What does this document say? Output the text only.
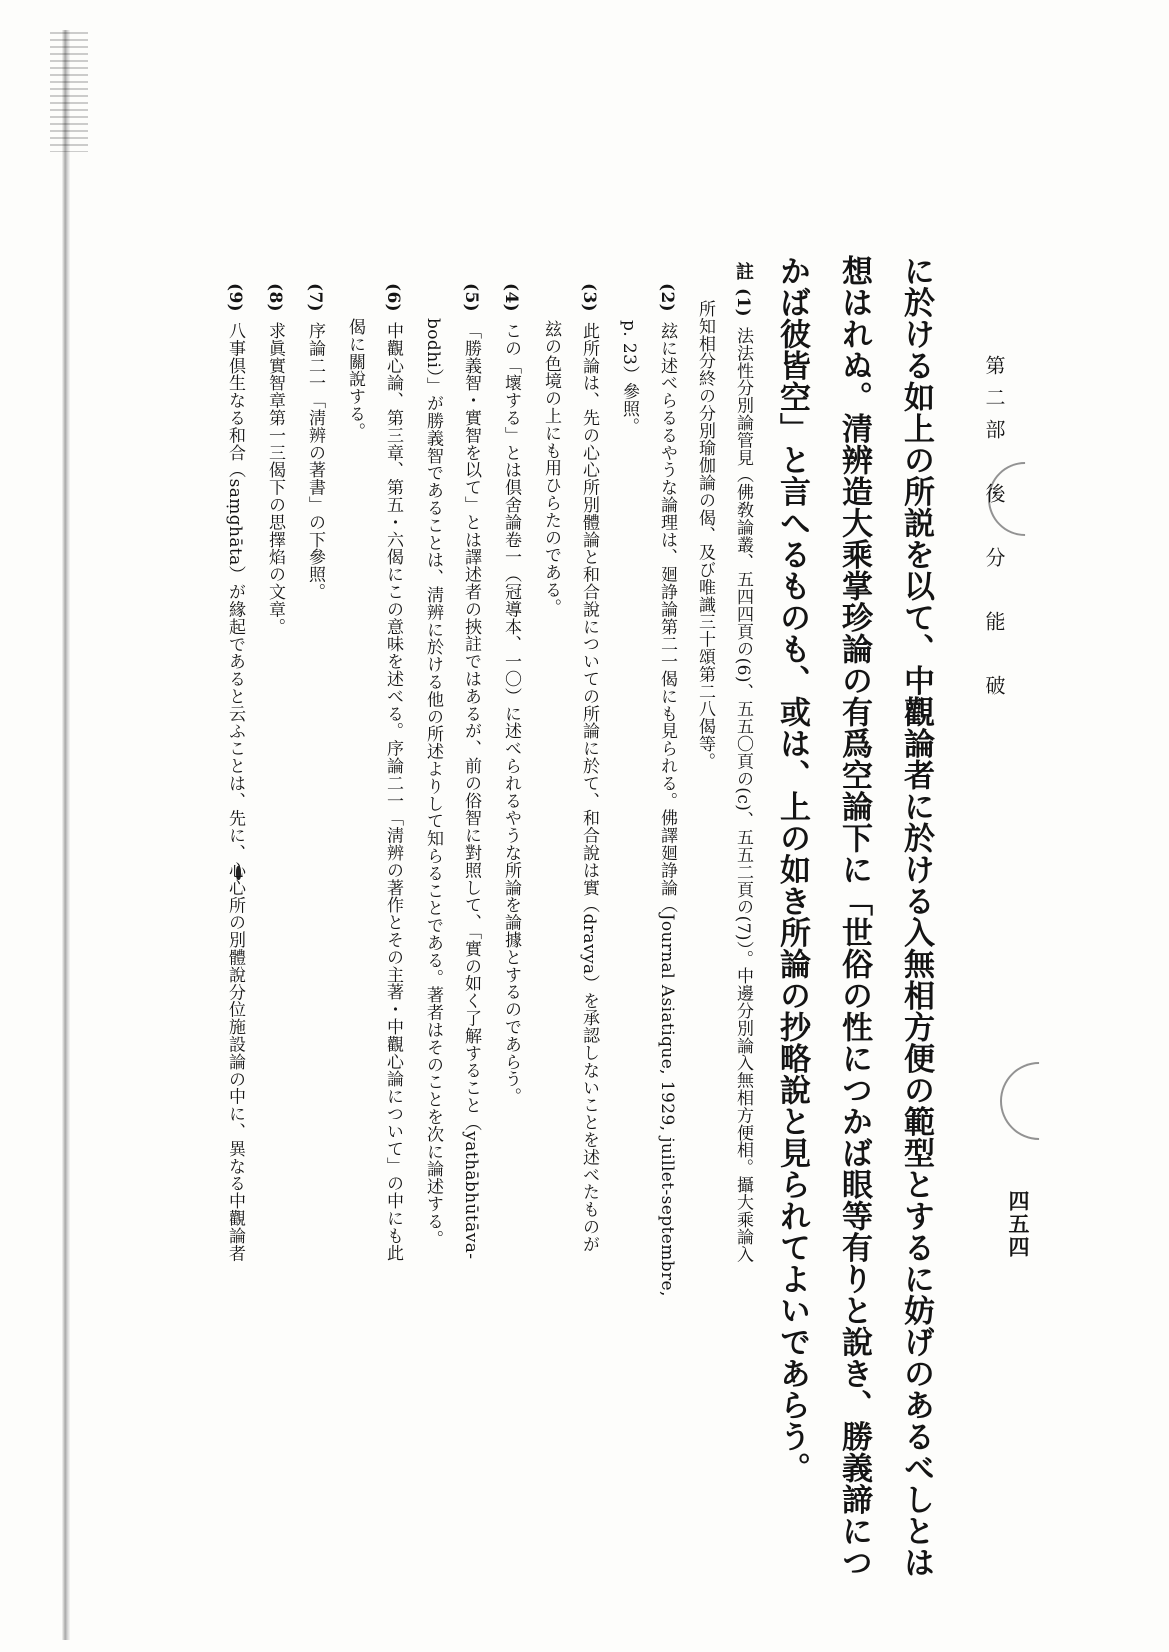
第二部　後　分　能　破
四五四
に於ける如上の所説を以て、中觀論者に於ける入無相方便の範型とするに妨げのあるべしとは
想はれぬ。清辨造大乘掌珍論の有爲空論下に「世俗の性につかば眼等有りと說き、勝義諦につ
かば彼皆空」と言へるものも、或は、上の如き所論の抄略說と見られてよいであらう。
註
(1)法法性分別論管見（佛敎論叢、五四四頁の(6)、五五〇頁の(c)、五五二頁の(7)）。中邊分別論入無相方便相。攝大乘論入
所知相分終の分別瑜伽論の偈、及び唯識三十頌第二八偈等。
(2)玆に述べらるるやうな論理は、廻諍論第二一偈にも見られる。佛譯廻諍論（Journal Asiatique, 1929, juillet-septembre,
p. 23）參照。
(3)此所論は、先の心心所別體論と和合說についての所論に於て、和合說は實（dravya）を承認しないことを述べたものが
玆の色境の上にも用ひらたのである。
(4)この「壞する」とは倶舍論卷一（冠導本、一〇）に述べられるやうな所論を論據とするのであらう。
(5)「勝義智・實智を以て」とは譯述者の挾註ではあるが、前の俗智に對照して、「實の如く了解すること（yathābhūtāva-
bodhi）」が勝義智であることは、淸辨に於ける他の所述よりして知らることである。著者はそのことを次に論述する。
(6)中觀心論、第三章、第五・六偈にこの意味を述べる。序論二一「淸辨の著作とその主著・中觀心論について」の中にも此
偈に關說する。
(7)序論二一「淸辨の著書」の下參照。
(8)求眞實智章第一三偈下の思擇焰の文章。
(9)八事倶生なる和合（saṃghāta）が緣起であると云ふことは、先に、心心所の別體說分位施設論の中に、異なる中觀論者
